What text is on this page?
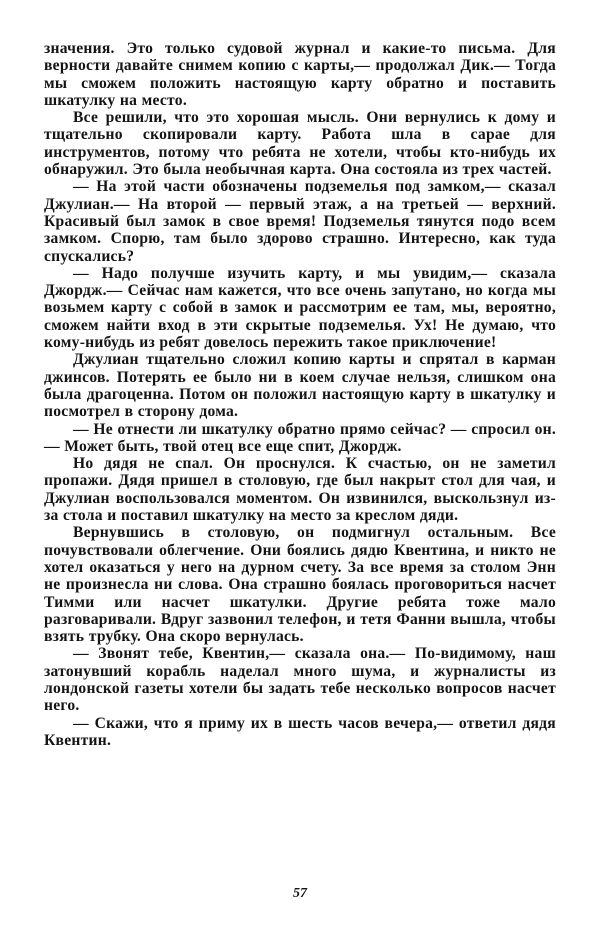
значения. Это только судовой журнал и какие-то письма. Для верности давайте снимем копию с карты,— продолжал Дик.— Тогда мы сможем положить настоящую карту обратно и поставить шкатулку на место.

Все решили, что это хорошая мысль. Они вернулись к дому и тщательно скопировали карту. Работа шла в сарае для инструментов, потому что ребята не хотели, чтобы кто-нибудь их обнаружил. Это была необычная карта. Она состояла из трех частей.

— На этой части обозначены подземелья под замком,— сказал Джулиан.— На второй — первый этаж, а на третьей — верхний. Красивый был замок в свое время! Подземелья тянутся подо всем замком. Спорю, там было здорово страшно. Интересно, как туда спускались?

— Надо получше изучить карту, и мы увидим,— сказала Джордж.— Сейчас нам кажется, что все очень запутано, но когда мы возьмем карту с собой в замок и рассмотрим ее там, мы, вероятно, сможем найти вход в эти скрытые подземелья. Ух! Не думаю, что кому-нибудь из ребят довелось пережить такое приключение!

Джулиан тщательно сложил копию карты и спрятал в карман джинсов. Потерять ее было ни в коем случае нельзя, слишком она была драгоценна. Потом он положил настоящую карту в шкатулку и посмотрел в сторону дома.

— Не отнести ли шкатулку обратно прямо сейчас? — спросил он.— Может быть, твой отец все еще спит, Джордж.

Но дядя не спал. Он проснулся. К счастью, он не заметил пропажи. Дядя пришел в столовую, где был накрыт стол для чая, и Джулиан воспользовался моментом. Он извинился, выскользнул из-за стола и поставил шкатулку на место за креслом дяди.

Вернувшись в столовую, он подмигнул остальным. Все почувствовали облегчение. Они боялись дядю Квентина, и никто не хотел оказаться у него на дурном счету. За все время за столом Энн не произнесла ни слова. Она страшно боялась проговориться насчет Тимми или насчет шкатулки. Другие ребята тоже мало разговаривали. Вдруг зазвонил телефон, и тетя Фанни вышла, чтобы взять трубку. Она скоро вернулась.

— Звонят тебе, Квентин,— сказала она.— По-видимому, наш затонувший корабль наделал много шума, и журналисты из лондонской газеты хотели бы задать тебе несколько вопросов насчет него.

— Скажи, что я приму их в шесть часов вечера,— ответил дядя Квентин.

57
